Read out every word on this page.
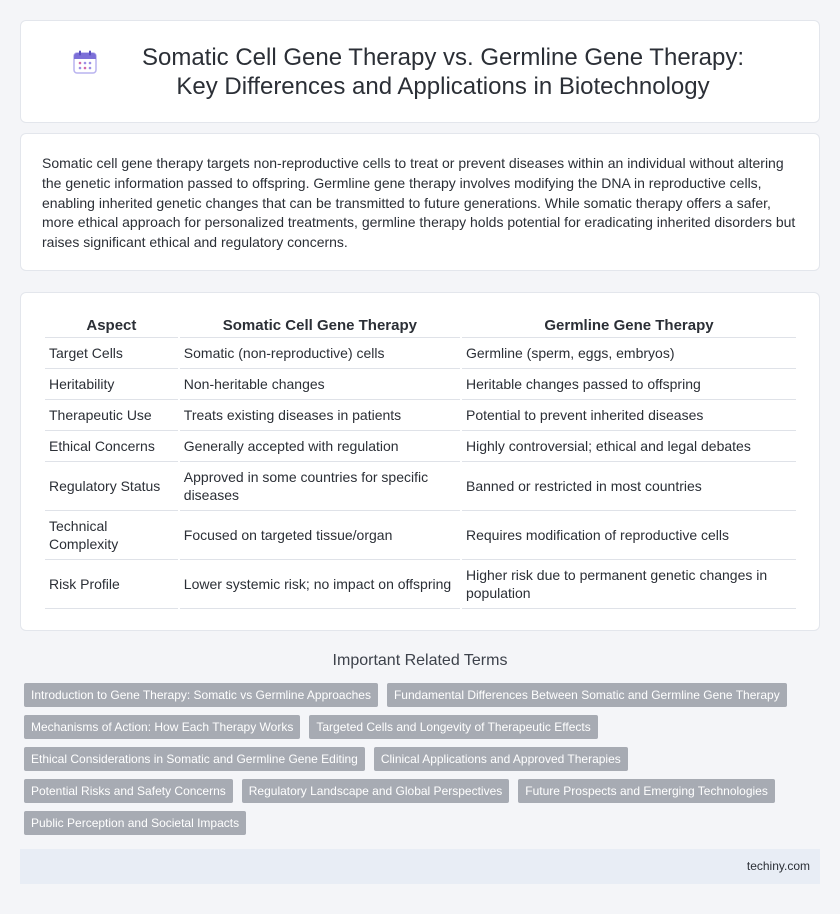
Somatic Cell Gene Therapy vs. Germline Gene Therapy: Key Differences and Applications in Biotechnology

Somatic cell gene therapy targets non-reproductive cells to treat or prevent diseases within an individual without altering the genetic information passed to offspring. Germline gene therapy involves modifying the DNA in reproductive cells, enabling inherited genetic changes that can be transmitted to future generations. While somatic therapy offers a safer, more ethical approach for personalized treatments, germline therapy holds potential for eradicating inherited disorders but raises significant ethical and regulatory concerns.

Aspect	Somatic Cell Gene Therapy	Germline Gene Therapy
Target Cells	Somatic (non-reproductive) cells	Germline (sperm, eggs, embryos)
Heritability	Non-heritable changes	Heritable changes passed to offspring
Therapeutic Use	Treats existing diseases in patients	Potential to prevent inherited diseases
Ethical Concerns	Generally accepted with regulation	Highly controversial; ethical and legal debates
Regulatory Status	Approved in some countries for specific diseases	Banned or restricted in most countries
Technical Complexity	Focused on targeted tissue/organ	Requires modification of reproductive cells
Risk Profile	Lower systemic risk; no impact on offspring	Higher risk due to permanent genetic changes in population
Important Related Terms
Introduction to Gene Therapy: Somatic vs Germline Approaches	Fundamental Differences Between Somatic and Germline Gene Therapy
Mechanisms of Action: How Each Therapy Works	Targeted Cells and Longevity of Therapeutic Effects
Ethical Considerations in Somatic and Germline Gene Editing	Clinical Applications and Approved Therapies
Potential Risks and Safety Concerns	Regulatory Landscape and Global Perspectives	Future Prospects and Emerging Technologies
Public Perception and Societal Impacts
techiny.com
